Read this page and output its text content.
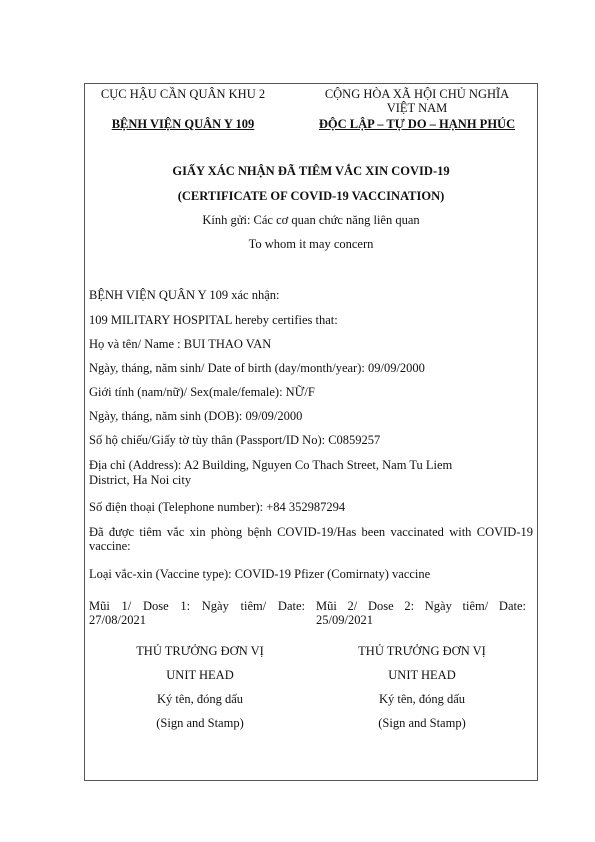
CỤC HẬU CẦN QUÂN KHU 2
BỆNH VIỆN QUÂN Y 109
CỘNG HÒA XÃ HỘI CHỦ NGHĨA
VIỆT NAM
ĐỘC LẬP – TỰ DO – HẠNH PHÚC
GIẤY XÁC NHẬN ĐÃ TIÊM VẮC XIN COVID-19
(CERTIFICATE OF COVID-19 VACCINATION)
Kính gửi: Các cơ quan chức năng liên quan
To whom it may concern
BỆNH VIỆN QUÂN Y 109 xác nhận:
109 MILITARY HOSPITAL hereby certifies that:
Họ và tên/ Name : BUI THAO VAN
Ngày, tháng, năm sinh/ Date of birth (day/month/year): 09/09/2000
Giới tính (nam/nữ)/ Sex(male/female): NỮ/F
Ngày, tháng, năm sinh (DOB): 09/09/2000
Số hộ chiếu/Giấy tờ tùy thân (Passport/ID No): C0859257
Địa chỉ (Address): A2 Building, Nguyen Co Thach Street, Nam Tu Liem
District, Ha Noi city
Số điện thoại (Telephone number): +84 352987294
Đã được tiêm vắc xin phòng bệnh COVID-19/Has been vaccinated with COVID-19 vaccine:
Loại vắc-xin (Vaccine type): COVID-19 Pfizer (Comirnaty) vaccine
Mũi 1/ Dose 1: Ngày tiêm/ Date: 27/08/2021
Mũi 2/ Dose 2: Ngày tiêm/ Date: 25/09/2021
THỦ TRƯỞNG ĐƠN VỊ
UNIT HEAD
Ký tên, đóng dấu
(Sign and Stamp)
THỦ TRƯỞNG ĐƠN VỊ
UNIT HEAD
Ký tên, đóng dấu
(Sign and Stamp)
